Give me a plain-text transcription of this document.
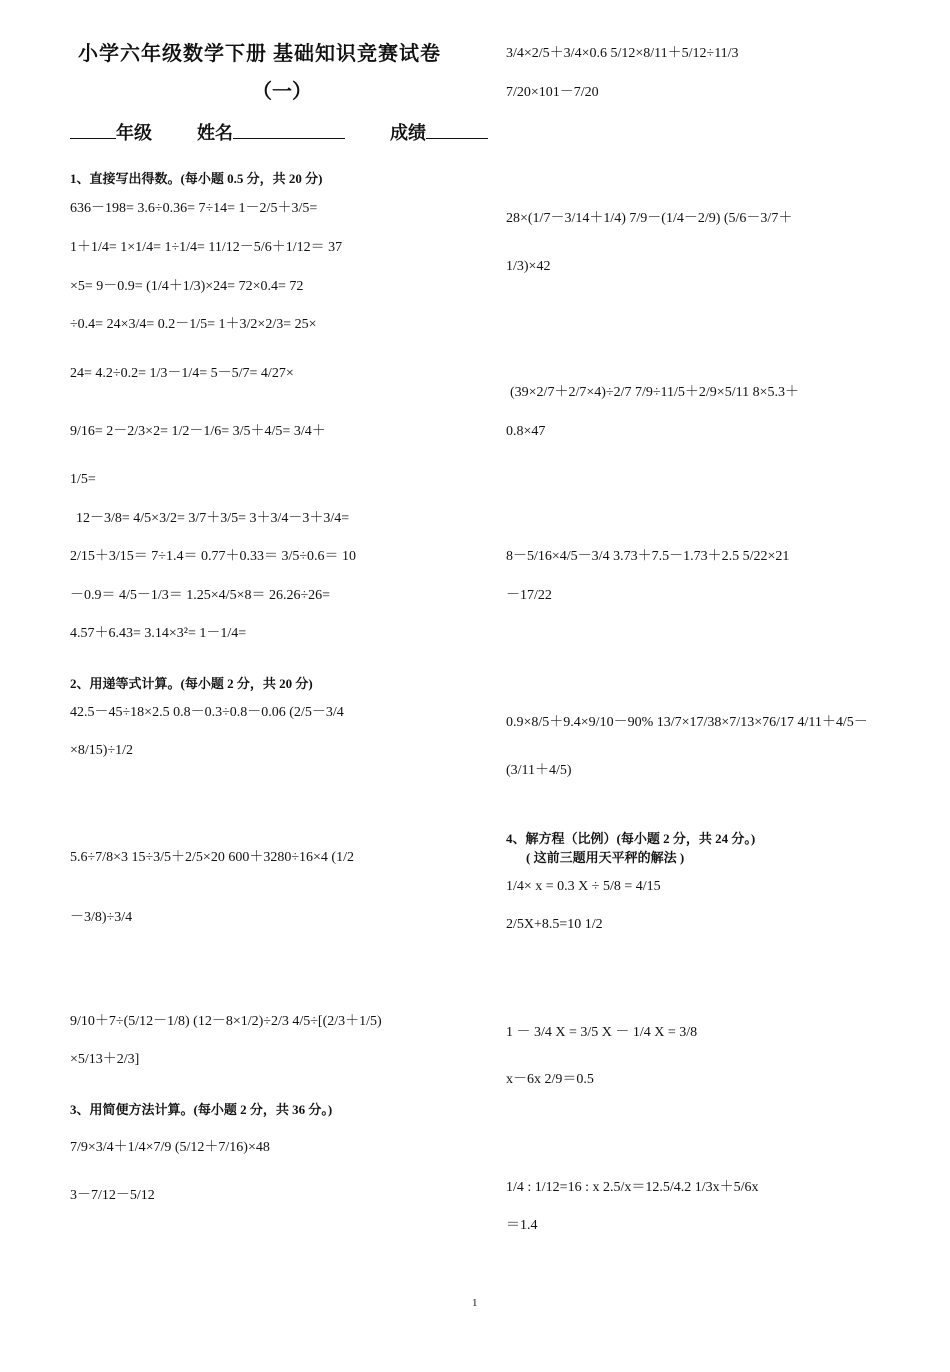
小学六年级数学下册 基础知识竞赛试卷
（一）
年级	姓名	成绩
1、直接写出得数。(每小题 0.5 分，共 20 分)
2、用递等式计算。(每小题 2 分，共 20 分)
3、用简便方法计算。(每小题 2 分，共 36 分。)
4、解方程（比例）(每小题 2 分，共 24 分。)
( 这前三题用天平秤的解法 )
636－198= 3.6÷0.36= 7÷14= 1－2/5＋3/5=
1＋1/4= 1×1/4= 1÷1/4= 11/12－5/6＋1/12＝ 37
×5= 9－0.9= (1/4＋1/3)×24= 72×0.4= 72
÷0.4= 24×3/4= 0.2－1/5= 1＋3/2×2/3= 25×
24= 4.2÷0.2= 1/3－1/4= 5－5/7= 4/27×
9/16= 2－2/3×2= 1/2－1/6= 3/5＋4/5= 3/4＋
1/5=
12－3/8= 4/5×3/2= 3/7＋3/5= 3＋3/4－3＋3/4=
2/15＋3/15＝ 7÷1.4＝ 0.77＋0.33＝ 3/5÷0.6＝ 10
－0.9＝ 4/5－1/3＝ 1.25×4/5×8＝ 26.26÷26=
4.57＋6.43= 3.14×3²= 1－1/4=
42.5－45÷18×2.5 0.8－0.3÷0.8－0.06 (2/5－3/4
×8/15)÷1/2
5.6÷7/8×3 15÷3/5＋2/5×20 600＋3280÷16×4 (1/2
－3/8)÷3/4
9/10＋7÷(5/12－1/8) (12－8×1/2)÷2/3 4/5÷[(2/3＋1/5)
×5/13＋2/3]
7/9×3/4＋1/4×7/9 (5/12＋7/16)×48
3－7/12－5/12
3/4×2/5＋3/4×0.6 5/12×8/11＋5/12÷11/3
7/20×101－7/20
28×(1/7－3/14＋1/4) 7/9－(1/4－2/9) (5/6－3/7＋
1/3)×42
(39×2/7＋2/7×4)÷2/7 7/9÷11/5＋2/9×5/11 8×5.3＋
0.8×47
8－5/16×4/5－3/4 3.73＋7.5－1.73＋2.5 5/22×21
－17/22
0.9×8/5＋9.4×9/10－90% 13/7×17/38×7/13×76/17 4/11＋4/5－
(3/11＋4/5)
1/4× x = 0.3 X ÷ 5/8 = 4/15
2/5X+8.5=10 1/2
1 － 3/4 X = 3/5 X － 1/4 X = 3/8
x－6x 2/9＝0.5
1/4 : 1/12=16 : x 2.5/x＝12.5/4.2 1/3x＋5/6x
＝1.4
1
